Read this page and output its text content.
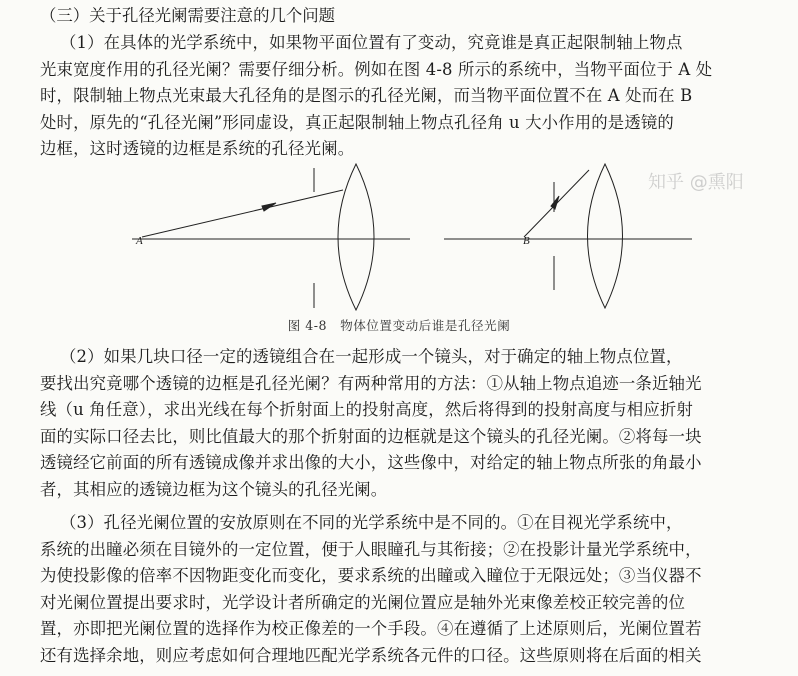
（三）关于孔径光阑需要注意的几个问题
（1）在具体的光学系统中，如果物平面位置有了变动，究竟谁是真正起限制轴上物点
光束宽度作用的孔径光阑？需要仔细分析。例如在图 4-8 所示的系统中，当物平面位于 A 处
时，限制轴上物点光束最大孔径角的是图示的孔径光阑，而当物平面位置不在 A 处而在 B
处时，原先的“孔径光阑”形同虚设，真正起限制轴上物点孔径角 u 大小作用的是透镜的
边框，这时透镜的边框是系统的孔径光阑。
A	B
图 4-8　物体位置变动后谁是孔径光阑
（2）如果几块口径一定的透镜组合在一起形成一个镜头，对于确定的轴上物点位置，
要找出究竟哪个透镜的边框是孔径光阑？有两种常用的方法：①从轴上物点追迹一条近轴光
线（u 角任意），求出光线在每个折射面上的投射高度，然后将得到的投射高度与相应折射
面的实际口径去比，则比值最大的那个折射面的边框就是这个镜头的孔径光阑。②将每一块
透镜经它前面的所有透镜成像并求出像的大小，这些像中，对给定的轴上物点所张的角最小
者，其相应的透镜边框为这个镜头的孔径光阑。
（3）孔径光阑位置的安放原则在不同的光学系统中是不同的。①在目视光学系统中，
系统的出瞳必须在目镜外的一定位置，便于人眼瞳孔与其衔接；②在投影计量光学系统中，
为使投影像的倍率不因物距变化而变化，要求系统的出瞳或入瞳位于无限远处；③当仪器不
对光阑位置提出要求时，光学设计者所确定的光阑位置应是轴外光束像差校正较完善的位
置，亦即把光阑位置的选择作为校正像差的一个手段。④在遵循了上述原则后，光阑位置若
还有选择余地，则应考虑如何合理地匹配光学系统各元件的口径。这些原则将在后面的相关
知乎 @熏阳
